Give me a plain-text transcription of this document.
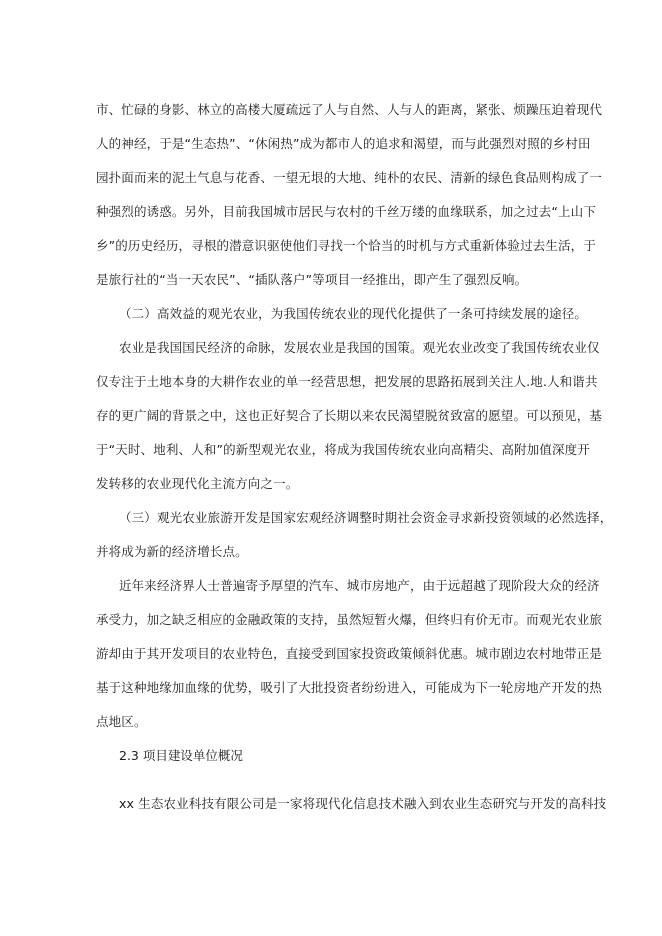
市、忙碌的身影、林立的高楼大厦疏远了人与自然、人与人的距离，紧张、烦躁压迫着现代
人的神经，于是“生态热”、“休闲热”成为都市人的追求和渴望，而与此强烈对照的乡村田
园扑面而来的泥土气息与花香、一望无垠的大地、纯朴的农民、清新的绿色食品则构成了一
种强烈的诱惑。另外，目前我国城市居民与农村的千丝万缕的血缘联系，加之过去“上山下
乡”的历史经历，寻根的潜意识驱使他们寻找一个恰当的时机与方式重新体验过去生活，于
是旅行社的“当一天农民”、“插队落户”等项目一经推出，即产生了强烈反响。
（二）高效益的观光农业，为我国传统农业的现代化提供了一条可持续发展的途径。
农业是我国国民经济的命脉，发展农业是我国的国策。观光农业改变了我国传统农业仅
仅专注于土地本身的大耕作农业的单一经营思想，把发展的思路拓展到关注人.地.人和谐共
存的更广阔的背景之中，这也正好契合了长期以来农民渴望脱贫致富的愿望。可以预见，基
于“天时、地利、人和”的新型观光农业，将成为我国传统农业向高精尖、高附加值深度开
发转移的农业现代化主流方向之一。
（三）观光农业旅游开发是国家宏观经济调整时期社会资金寻求新投资领域的必然选择，
并将成为新的经济增长点。
近年来经济界人士普遍寄予厚望的汽车、城市房地产，由于远超越了现阶段大众的经济
承受力，加之缺乏相应的金融政策的支持，虽然短暂火爆，但终归有价无市。而观光农业旅
游却由于其开发项目的农业特色，直接受到国家投资政策倾斜优惠。城市剧边农村地带正是
基于这种地缘加血缘的优势，吸引了大批投资者纷纷进入，可能成为下一轮房地产开发的热
点地区。
2.3 项目建设单位概况
xx 生态农业科技有限公司是一家将现代化信息技术融入到农业生态研究与开发的高科技
